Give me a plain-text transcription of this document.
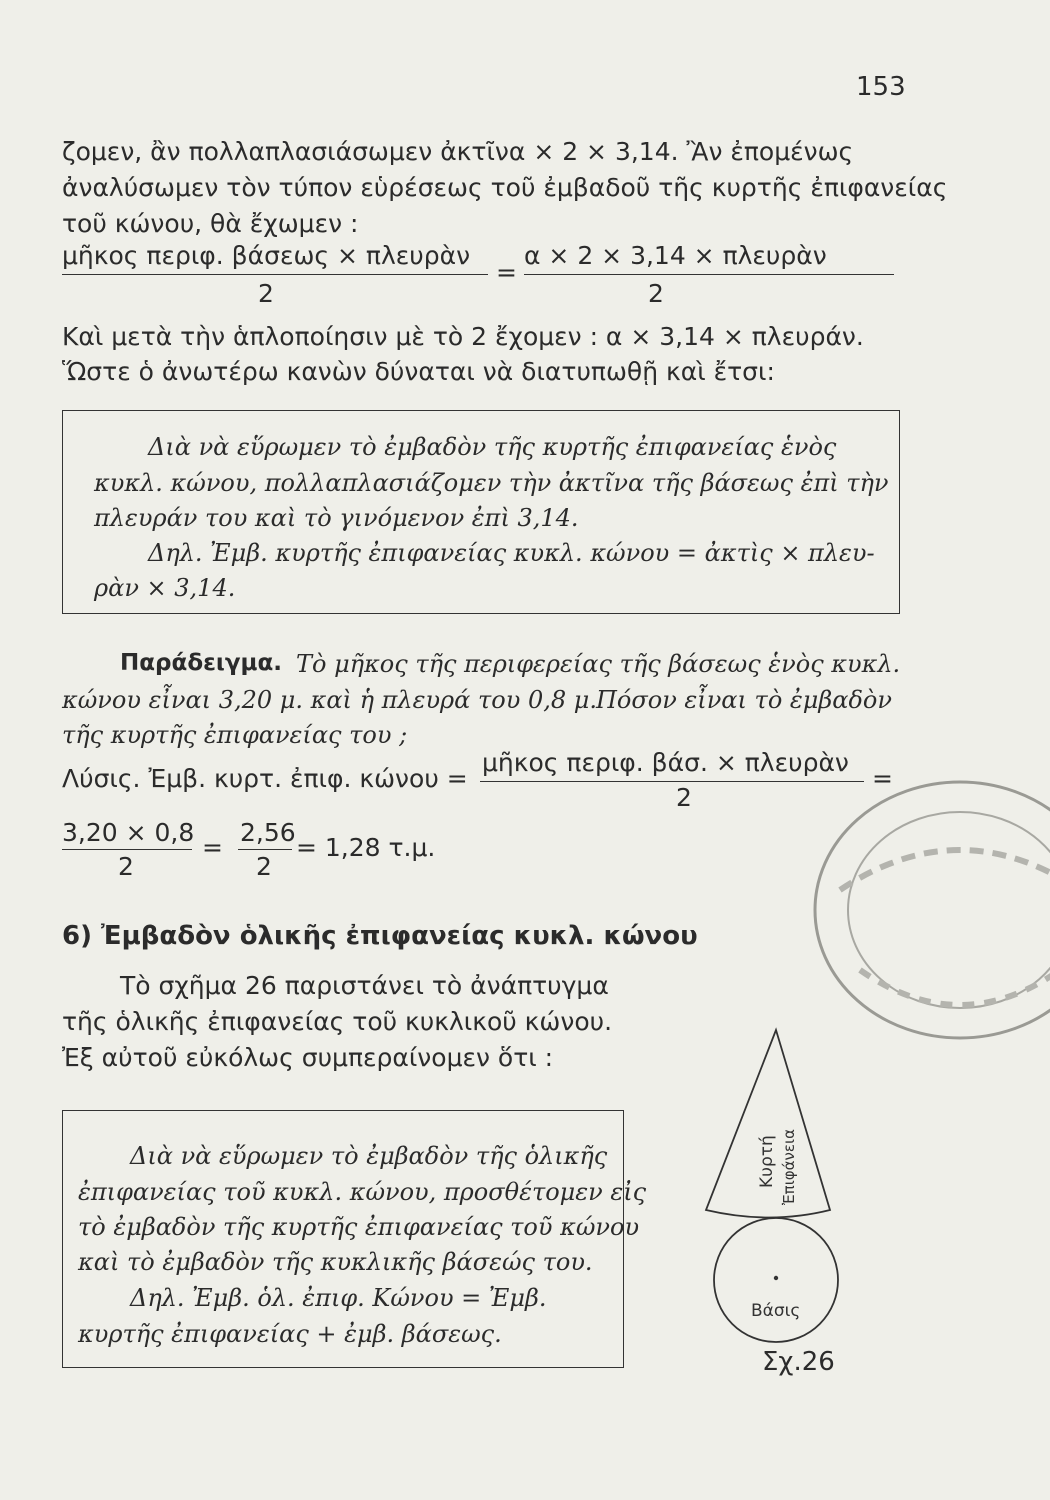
153
ζομεν, ἂν πολλαπλασιάσωμεν ἀκτῖνα × 2 × 3,14. Ἂν ἐπομένως
ἀναλύσωμεν τὸν τύπον εὑρέσεως τοῦ ἐμβαδοῦ τῆς κυρτῆς ἐπιφανείας
τοῦ κώνου, θὰ ἔχωμεν :
μῆκος περιφ. βάσεως × πλευρὰν
2
=
α × 2 × 3,14 × πλευρὰν
2
Καὶ μετὰ τὴν ἁπλοποίησιν μὲ τὸ 2 ἔχομεν : α × 3,14 × πλευράν.
Ὥστε ὁ ἀνωτέρω κανὼν δύναται νὰ διατυπωθῇ καὶ ἔτσι:
Διὰ νὰ εὕρωμεν τὸ ἐμβαδὸν τῆς κυρτῆς ἐπιφανείας ἑνὸς
κυκλ. κώνου, πολλαπλασιάζομεν τὴν ἀκτῖνα τῆς βάσεως ἐπὶ τὴν
πλευράν του καὶ τὸ γινόμενον ἐπὶ 3,14.
Δηλ. Ἐμβ. κυρτῆς ἐπιφανείας κυκλ. κώνου = ἀκτὶς × πλευ-
ρὰν × 3,14.
Παράδειγμα. Τὸ μῆκος τῆς περιφερείας τῆς βάσεως ἑνὸς κυκλ.
κώνου εἶναι 3,20 μ. καὶ ἡ πλευρά του 0,8 μ. Πόσον εἶναι τὸ ἐμβαδὸν
τῆς κυρτῆς ἐπιφανείας του ;
Λύσις. Ἐμβ. κυρτ. ἐπιφ. κώνου =
μῆκος περιφ. βάσ. × πλευρὰν
2
=
3,20 × 0,8
2
=
2,56
2
= 1,28 τ.μ.
6) Ἐμβαδὸν ὁλικῆς ἐπιφανείας κυκλ. κώνου
Τὸ σχῆμα 26 παριστάνει τὸ ἀνάπτυγμα
τῆς ὁλικῆς ἐπιφανείας τοῦ κυκλικοῦ κώνου.
Ἐξ αὐτοῦ εὐκόλως συμπεραίνομεν ὅτι :
Διὰ νὰ εὕρωμεν τὸ ἐμβαδὸν τῆς ὁλικῆς
ἐπιφανείας τοῦ κυκλ. κώνου, προσθέτομεν εἰς
τὸ ἐμβαδὸν τῆς κυρτῆς ἐπιφανείας τοῦ κώνου
καὶ τὸ ἐμβαδὸν τῆς κυκλικῆς βάσεώς του.
Δηλ. Ἐμβ. ὁλ. ἐπιφ. Κώνου = Ἐμβ.
κυρτῆς ἐπιφανείας + ἐμβ. βάσεως.
Κυρτή Ἐπιφάνεια
Βάσις
Σχ.26
